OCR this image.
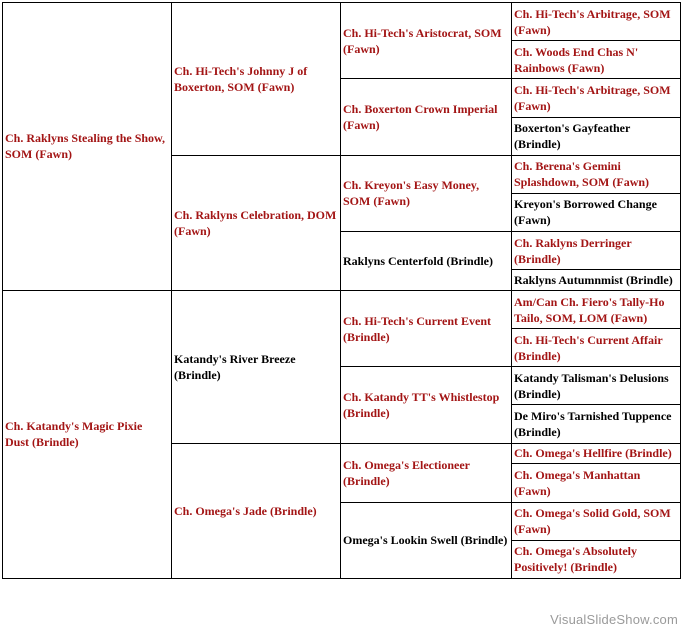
Ch. Raklyns Stealing the Show, SOM (Fawn)	Ch. Hi-Tech's Johnny J of Boxerton, SOM (Fawn)	Ch. Hi-Tech's Aristocrat, SOM (Fawn)	Ch. Hi-Tech's Arbitrage, SOM (Fawn)
			Ch. Woods End Chas N' Rainbows (Fawn)
		Ch. Boxerton Crown Imperial (Fawn)	Ch. Hi-Tech's Arbitrage, SOM (Fawn)
			Boxerton's Gayfeather (Brindle)
	Ch. Raklyns Celebration, DOM (Fawn)	Ch. Kreyon's Easy Money, SOM (Fawn)	Ch. Berena's Gemini Splashdown, SOM (Fawn)
			Kreyon's Borrowed Change (Fawn)
		Raklyns Centerfold (Brindle)	Ch. Raklyns Derringer (Brindle)
			Raklyns Autumnmist (Brindle)
Ch. Katandy's Magic Pixie Dust (Brindle)	Katandy's River Breeze (Brindle)	Ch. Hi-Tech's Current Event (Brindle)	Am/Can Ch. Fiero's Tally-Ho Tailo, SOM, LOM (Fawn)
			Ch. Hi-Tech's Current Affair (Brindle)
		Ch. Katandy TT's Whistlestop (Brindle)	Katandy Talisman's Delusions (Brindle)
			De Miro's Tarnished Tuppence (Brindle)
	Ch. Omega's Jade (Brindle)	Ch. Omega's Electioneer (Brindle)	Ch. Omega's Hellfire (Brindle)
			Ch. Omega's Manhattan (Fawn)
		Omega's Lookin Swell (Brindle)	Ch. Omega's Solid Gold, SOM (Fawn)
			Ch. Omega's Absolutely Positively! (Brindle)
VisualSlideShow.com
